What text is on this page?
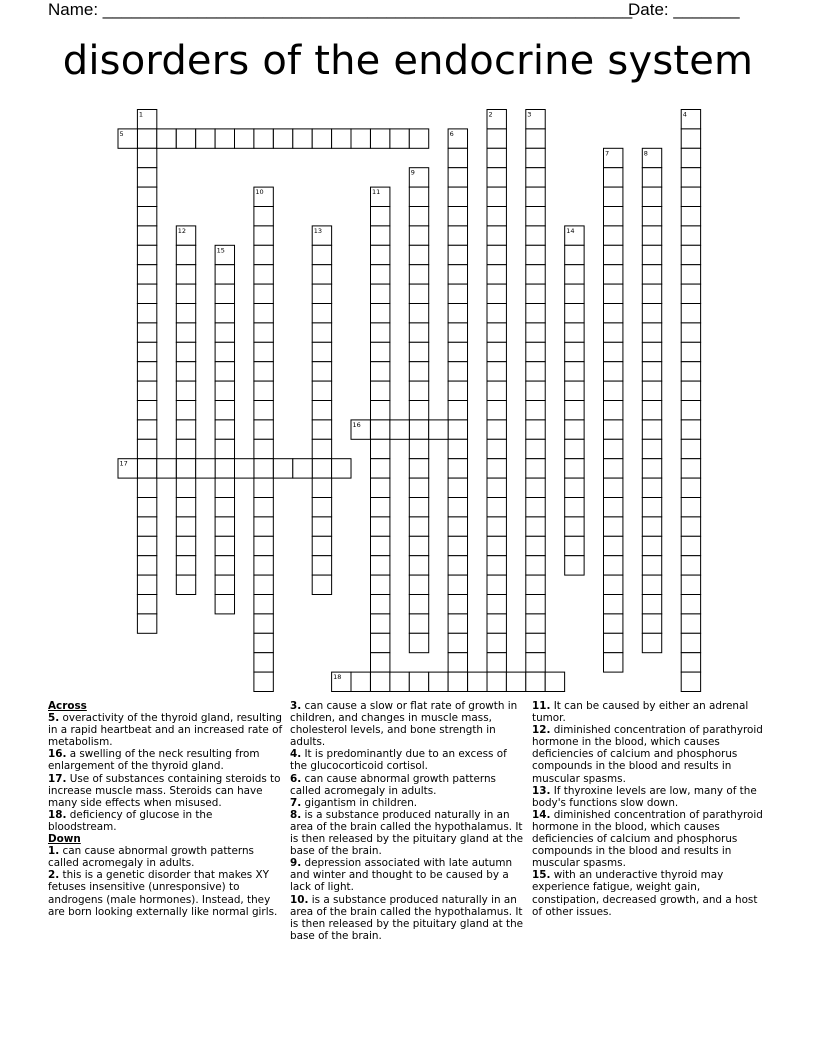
Name: ________________________________________________________
Date: _______
disorders of the endocrine system
1	2	3	4
5	6
7	8
9
10	11
12	13	14
15
16
17
18

Across

5. overactivity of the thyroid gland, resulting in a rapid heartbeat and an increased rate of metabolism.

16. a swelling of the neck resulting from enlargement of the thyroid gland.

17. Use of substances containing steroids to increase muscle mass. Steroids can have many side effects when misused.

18. deficiency of glucose in the bloodstream.

Down

1. can cause abnormal growth patterns called acromegaly in adults.

2. this is a genetic disorder that makes XY fetuses insensitive (unresponsive) to androgens (male hormones). Instead, they are born looking externally like normal girls.

3. can cause a slow or flat rate of growth in children, and changes in muscle mass, cholesterol levels, and bone strength in adults.

4. It is predominantly due to an excess of the glucocorticoid cortisol.

6. can cause abnormal growth patterns called acromegaly in adults.

7. gigantism in children.

8. is a substance produced naturally in an area of the brain called the hypothalamus. It is then released by the pituitary gland at the base of the brain.

9. depression associated with late autumn and winter and thought to be caused by a lack of light.

10. is a substance produced naturally in an area of the brain called the hypothalamus. It is then released by the pituitary gland at the base of the brain.

11. It can be caused by either an adrenal tumor.

12. diminished concentration of parathyroid hormone in the blood, which causes deficiencies of calcium and phosphorus compounds in the blood and results in muscular spasms.

13. If thyroxine levels are low, many of the body's functions slow down.

14. diminished concentration of parathyroid hormone in the blood, which causes deficiencies of calcium and phosphorus compounds in the blood and results in muscular spasms.

15. with an underactive thyroid may experience fatigue, weight gain, constipation, decreased growth, and a host of other issues.
